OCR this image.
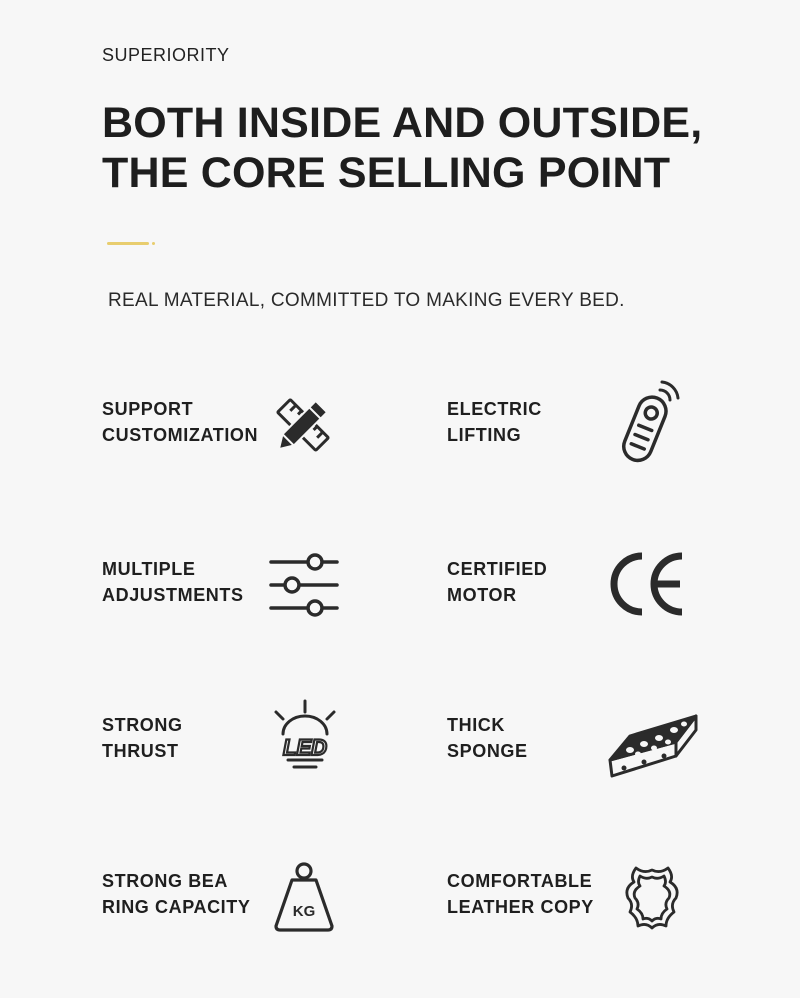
SUPERIORITY
BOTH INSIDE AND OUTSIDE,
THE CORE SELLING POINT
REAL MATERIAL, COMMITTED TO MAKING EVERY BED.
SUPPORT
CUSTOMIZATION
ELECTRIC
LIFTING
MULTIPLE
ADJUSTMENTS
CERTIFIED
MOTOR
STRONG
THRUST	LED
THICK
SPONGE
STRONG BEA
RING CAPACITY	KG
COMFORTABLE
LEATHER COPY
